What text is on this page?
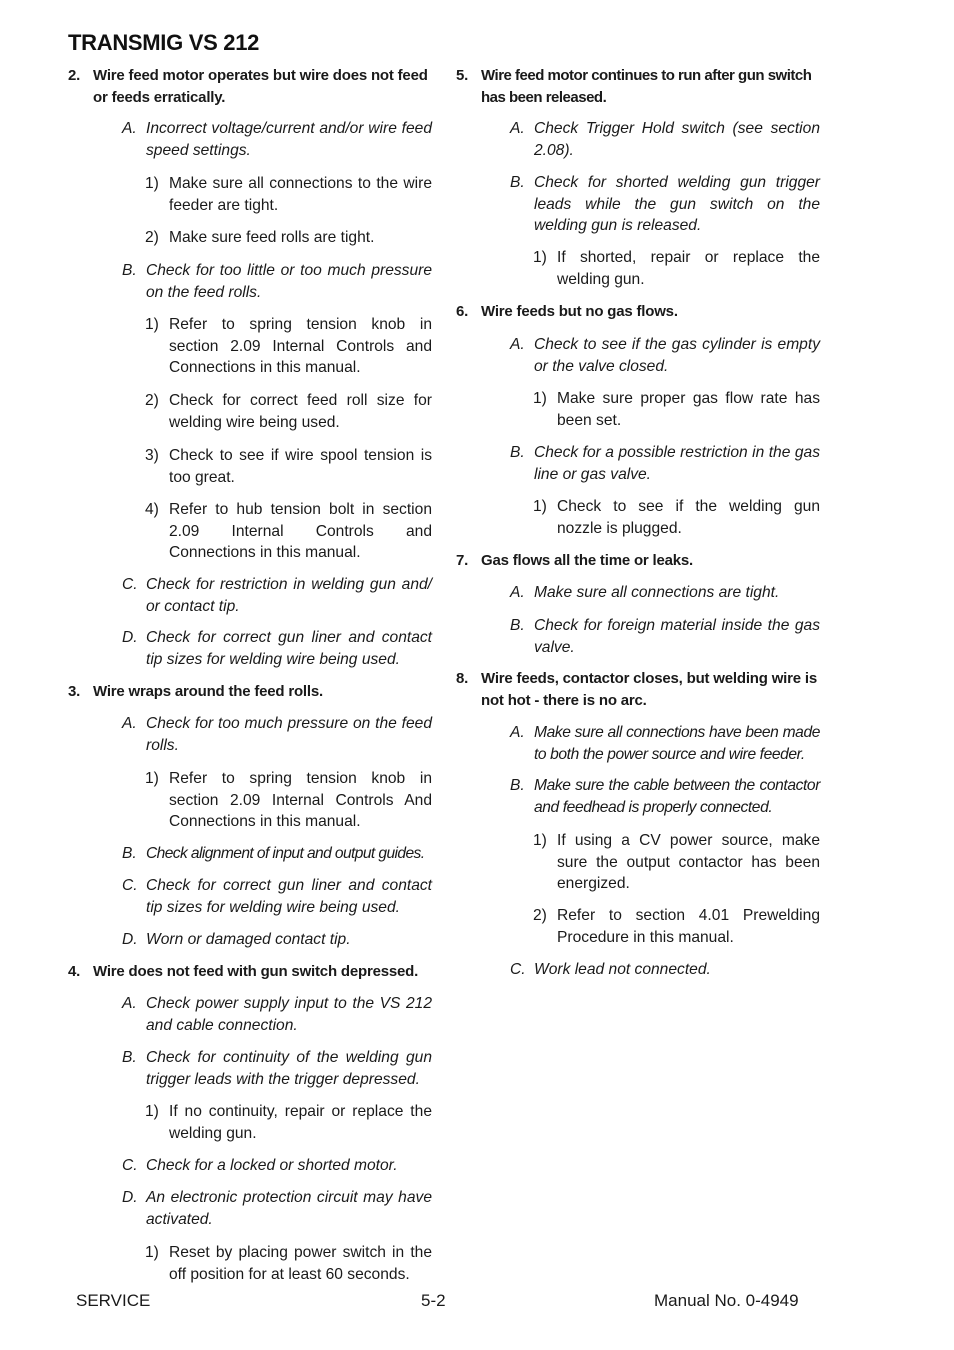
TRANSMIG VS 212
2. Wire feed motor operates but wire does not feed or feeds erratically.
A. Incorrect voltage/current and/or wire feed speed settings.
1) Make sure all connections to the wire feeder are tight.
2) Make sure feed rolls are tight.
B. Check for too little or too much pressure on the feed rolls.
1) Refer to spring tension knob in section 2.09 Internal Controls and Connections in this manual.
2) Check for correct feed roll size for welding wire being used.
3) Check to see if wire spool tension is too great.
4) Refer to hub tension bolt in section 2.09 Internal Controls and Connections in this manual.
C. Check for restriction in welding gun and/ or contact tip.
D. Check for correct gun liner and contact tip sizes for welding wire being used.
3. Wire wraps around the feed rolls.
A. Check for too much pressure on the feed rolls.
1) Refer to spring tension knob in section 2.09 Internal Controls And Connections in this manual.
B. Check alignment of input and output guides.
C. Check for correct gun liner and contact tip sizes for welding wire being used.
D. Worn or damaged contact tip.
4. Wire does not feed with gun switch depressed.
A. Check power supply input to the VS 212 and cable connection.
B. Check for continuity of the welding gun trigger leads with the trigger depressed.
1) If no continuity, repair or replace the welding gun.
C. Check for a locked or shorted motor.
D. An electronic protection circuit may have activated.
1) Reset by placing power switch in the off position for at least 60 seconds.
5. Wire feed motor continues to run after gun switch has been released.
A. Check Trigger Hold switch (see section 2.08).
B. Check for shorted welding gun trigger leads while the gun switch on the welding gun is released.
1) If shorted, repair or replace the welding gun.
6. Wire feeds but no gas flows.
A. Check to see if the gas cylinder is empty or the valve closed.
1) Make sure proper gas flow rate has been set.
B. Check for a possible restriction in the gas line or gas valve.
1) Check to see if the welding gun nozzle is plugged.
7. Gas flows all the time or leaks.
A. Make sure all connections are tight.
B. Check for foreign material inside the gas valve.
8. Wire feeds, contactor closes, but welding wire is not hot - there is no arc.
A. Make sure all connections have been made to both the power source and wire feeder.
B. Make sure the cable between the contactor and feedhead is properly connected.
1) If using a CV power source, make sure the output contactor has been energized.
2) Refer to section 4.01 Prewelding Procedure in this manual.
C. Work lead not connected.
SERVICE	5-2	Manual No. 0-4949
